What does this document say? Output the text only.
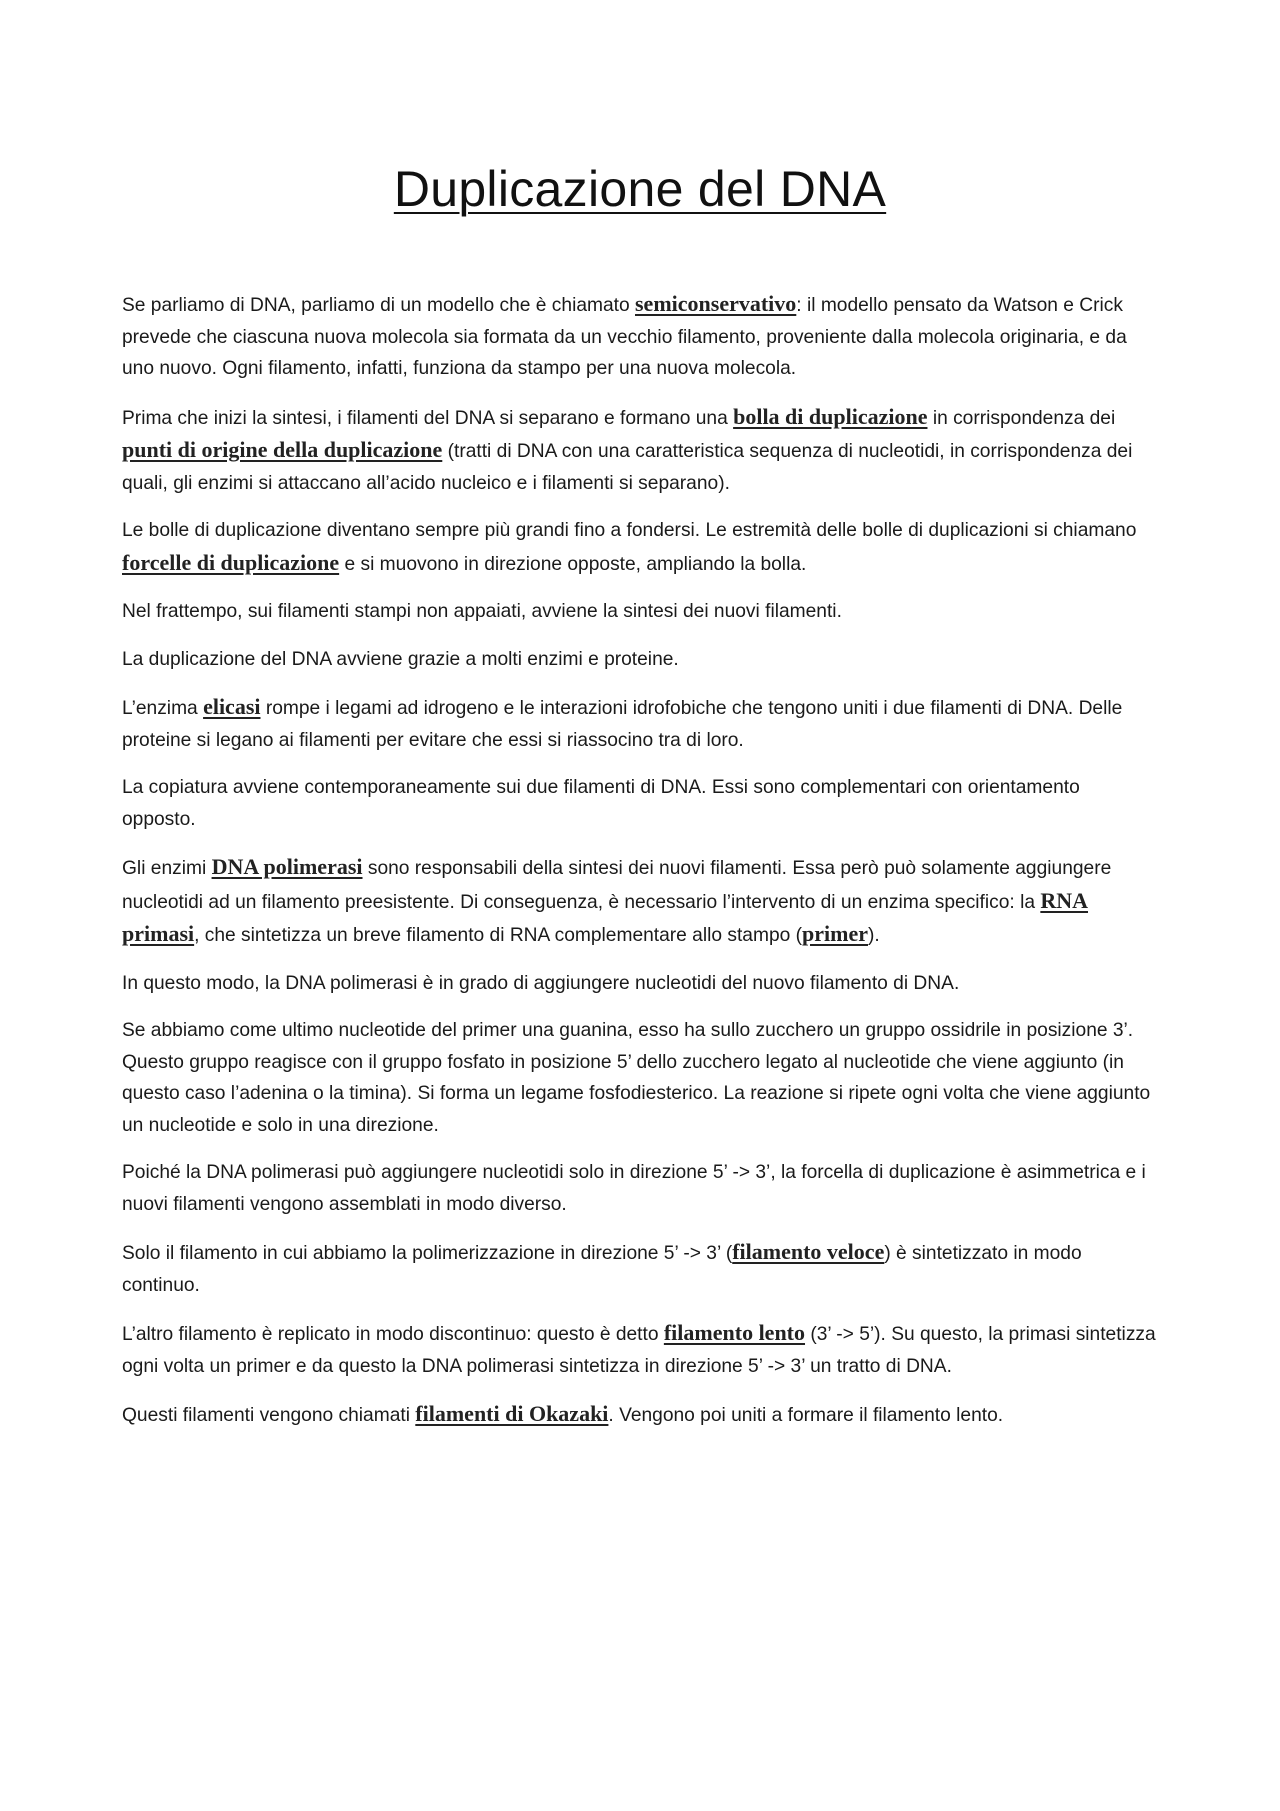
Duplicazione del DNA

Se parliamo di DNA, parliamo di un modello che è chiamato semiconservativo: il modello pensato da Watson e Crick prevede che ciascuna nuova molecola sia formata da un vecchio filamento, proveniente dalla molecola originaria, e da uno nuovo. Ogni filamento, infatti, funziona da stampo per una nuova molecola.

Prima che inizi la sintesi, i filamenti del DNA si separano e formano una bolla di duplicazione in corrispondenza dei punti di origine della duplicazione (tratti di DNA con una caratteristica sequenza di nucleotidi, in corrispondenza dei quali, gli enzimi si attaccano all’acido nucleico e i filamenti si separano).

Le bolle di duplicazione diventano sempre più grandi fino a fondersi. Le estremità delle bolle di duplicazioni si chiamano forcelle di duplicazione e si muovono in direzione opposte, ampliando la bolla.

Nel frattempo, sui filamenti stampi non appaiati, avviene la sintesi dei nuovi filamenti.

La duplicazione del DNA avviene grazie a molti enzimi e proteine.

L’enzima elicasi rompe i legami ad idrogeno e le interazioni idrofobiche che tengono uniti i due filamenti di DNA. Delle proteine si legano ai filamenti per evitare che essi si riassocino tra di loro.

La copiatura avviene contemporaneamente sui due filamenti di DNA. Essi sono complementari con orientamento opposto.

Gli enzimi DNA polimerasi sono responsabili della sintesi dei nuovi filamenti. Essa però può solamente aggiungere nucleotidi ad un filamento preesistente. Di conseguenza, è necessario l’intervento di un enzima specifico: la RNA primasi, che sintetizza un breve filamento di RNA complementare allo stampo (primer).

In questo modo, la DNA polimerasi è in grado di aggiungere nucleotidi del nuovo filamento di DNA.

Se abbiamo come ultimo nucleotide del primer una guanina, esso ha sullo zucchero un gruppo ossidrile in posizione 3’. Questo gruppo reagisce con il gruppo fosfato in posizione 5’ dello zucchero legato al nucleotide che viene aggiunto (in questo caso l’adenina o la timina). Si forma un legame fosfodiesterico. La reazione si ripete ogni volta che viene aggiunto un nucleotide e solo in una direzione.

Poiché la DNA polimerasi può aggiungere nucleotidi solo in direzione 5’ -> 3’, la forcella di duplicazione è asimmetrica e i nuovi filamenti vengono assemblati in modo diverso.

Solo il filamento in cui abbiamo la polimerizzazione in direzione 5’ -> 3’ (filamento veloce) è sintetizzato in modo continuo.

L’altro filamento è replicato in modo discontinuo: questo è detto filamento lento (3’ -> 5’). Su questo, la primasi sintetizza ogni volta un primer e da questo la DNA polimerasi sintetizza in direzione 5’ -> 3’ un tratto di DNA.

Questi filamenti vengono chiamati filamenti di Okazaki. Vengono poi uniti a formare il filamento lento.
